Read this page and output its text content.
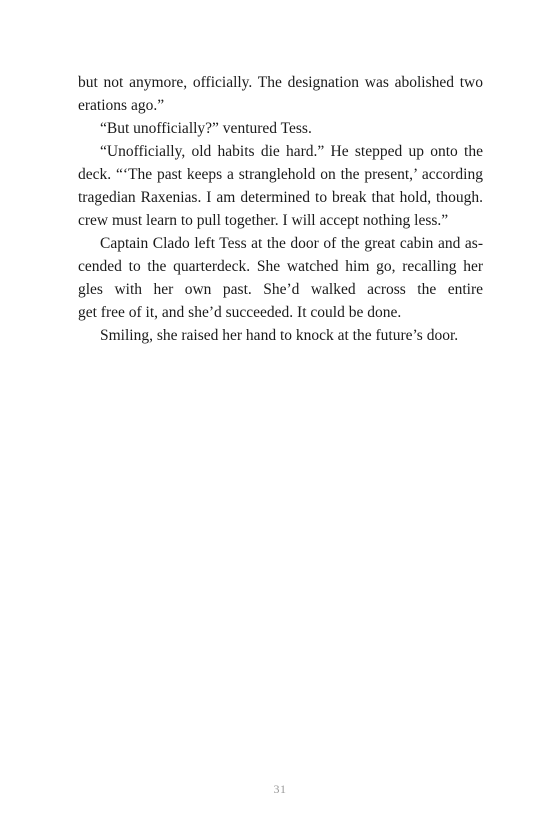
but not anymore, officially. The designation was abolished two
erations ago.”
“But unofficially?” ventured Tess.
“Unofficially, old habits die hard.” He stepped up onto the
deck. “‘The past keeps a stranglehold on the present,’ according
tragedian Raxenias. I am determined to break that hold, though.
crew must learn to pull together. I will accept nothing less.”
Captain Clado left Tess at the door of the great cabin and as-
cended to the quarterdeck. She watched him go, recalling her
gles with her own past. She’d walked across the entire
get free of it, and she’d succeeded. It could be done.
Smiling, she raised her hand to knock at the future’s door.
31
